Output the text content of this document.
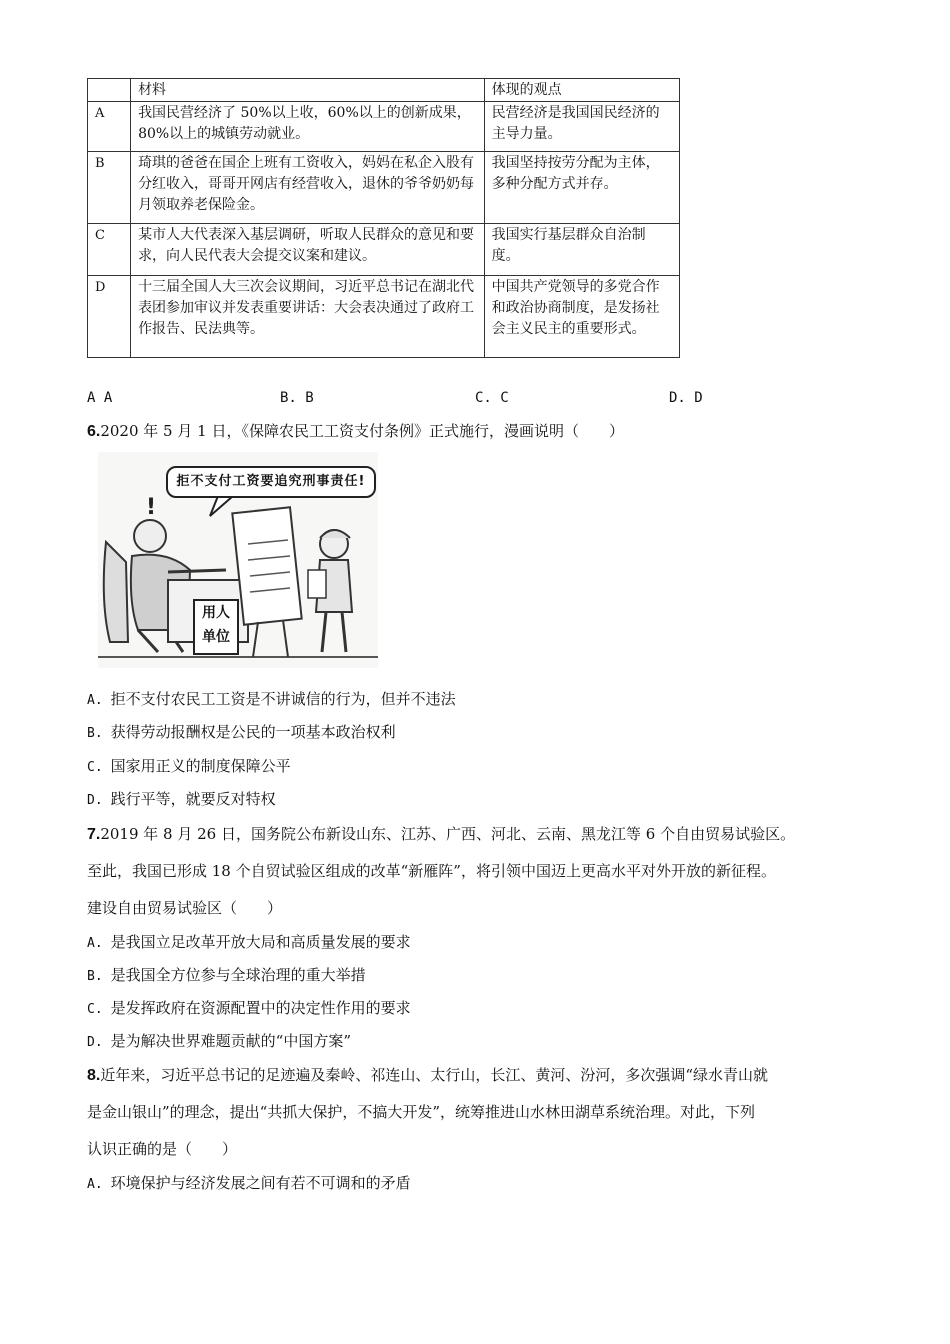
	材料	体现的观点
A	我国民营经济了 50%以上收，60%以上的创新成果，80%以上的城镇劳动就业。	民营经济是我国国民经济的主导力量。
B	琦琪的爸爸在国企上班有工资收入，妈妈在私企入股有分红收入，哥哥开网店有经营收入，退休的爷爷奶奶每月领取养老保险金。	我国坚持按劳分配为主体，多种分配方式并存。
C	某市人大代表深入基层调研，听取人民群众的意见和要求，向人民代表大会提交议案和建议。	我国实行基层群众自治制度。
D	十三届全国人大三次会议期间，习近平总书记在湖北代表团参加审议并发表重要讲话：大会表决通过了政府工作报告、民法典等。	中国共产党领导的多党合作和政治协商制度，是发扬社会主义民主的重要形式。
A A	B. B	C. C	D. D
6.2020 年 5 月 1 日，《保障农民工工资支付条例》正式施行，漫画说明（　　）
!
拒不支付工资要追究刑事责任!
用人
单位
A. 拒不支付农民工工资是不讲诚信的行为，但并不违法
B. 获得劳动报酬权是公民的一项基本政治权利
C. 国家用正义的制度保障公平
D. 践行平等，就要反对特权
7.2019 年 8 月 26 日，国务院公布新设山东、江苏、广西、河北、云南、黑龙江等 6 个自由贸易试验区。
至此，我国已形成 18 个自贸试验区组成的改革“新雁阵”，将引领中国迈上更高水平对外开放的新征程。
建设自由贸易试验区（　　）
A. 是我国立足改革开放大局和高质量发展的要求
B. 是我国全方位参与全球治理的重大举措
C. 是发挥政府在资源配置中的决定性作用的要求
D. 是为解决世界难题贡献的“中国方案”
8.近年来，习近平总书记的足迹遍及秦岭、祁连山、太行山，长江、黄河、汾河，多次强调“绿水青山就
是金山银山”的理念，提出“共抓大保护，不搞大开发”，统筹推进山水林田湖草系统治理。对此，下列
认识正确的是（　　）
A. 环境保护与经济发展之间有若不可调和的矛盾
